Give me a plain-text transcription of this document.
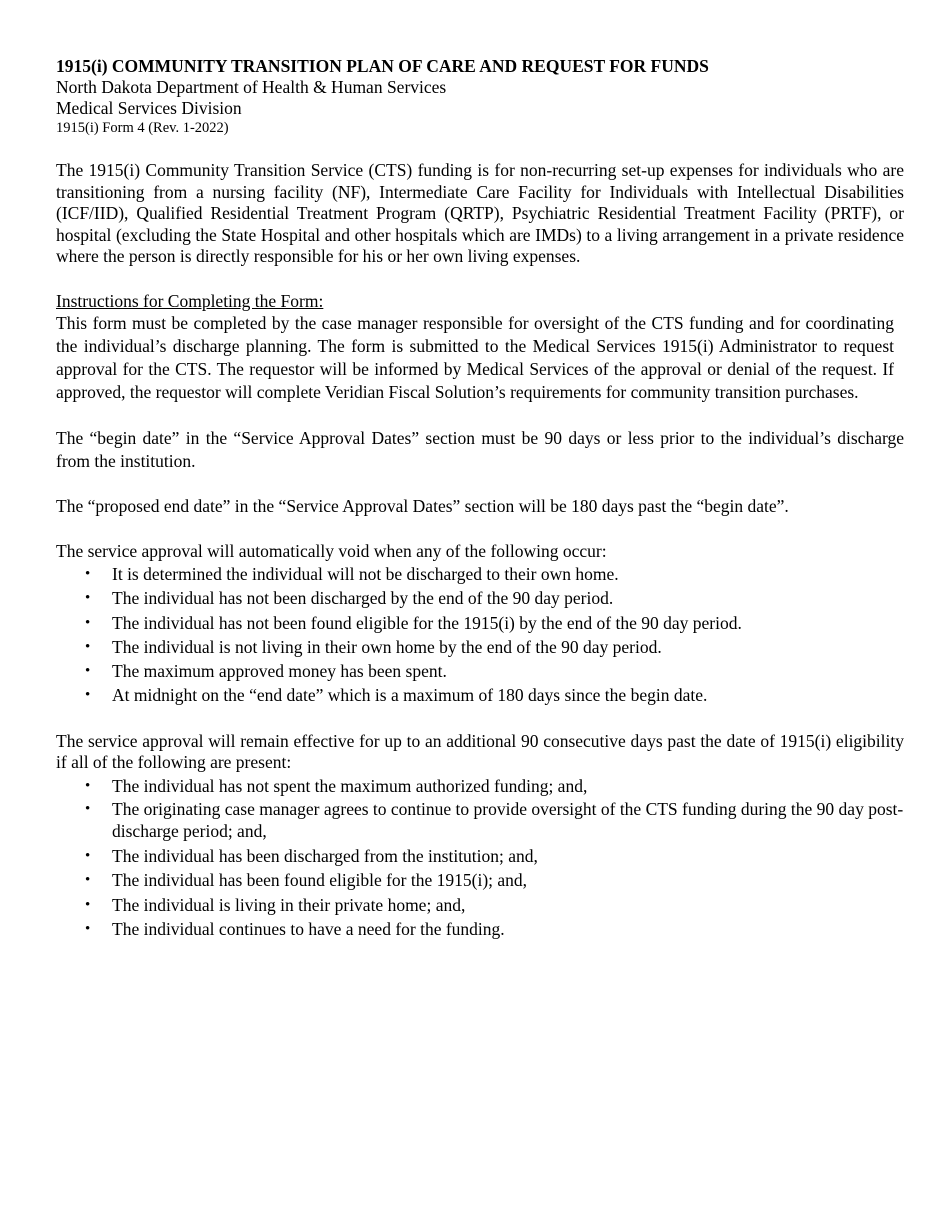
1915(i) COMMUNITY TRANSITION PLAN OF CARE AND REQUEST FOR FUNDS
North Dakota Department of Health & Human Services
Medical Services Division
1915(i) Form 4 (Rev. 1-2022)

The 1915(i) Community Transition Service (CTS) funding is for non-recurring set-up expenses for individuals who are transitioning from a nursing facility (NF), Intermediate Care Facility for Individuals with Intellectual Disabilities (ICF/IID), Qualified Residential Treatment Program (QRTP), Psychiatric Residential Treatment Facility (PRTF), or hospital (excluding the State Hospital and other hospitals which are IMDs) to a living arrangement in a private residence where the person is directly responsible for his or her own living expenses.

Instructions for Completing the Form:

This form must be completed by the case manager responsible for oversight of the CTS funding and for coordinating the individual’s discharge planning. The form is submitted to the Medical Services 1915(i) Administrator to request approval for the CTS. The requestor will be informed by Medical Services of the approval or denial of the request. If approved, the requestor will complete Veridian Fiscal Solution’s requirements for community transition purchases.

The “begin date” in the “Service Approval Dates” section must be 90 days or less prior to the individual’s discharge from the institution.

The “proposed end date” in the “Service Approval Dates” section will be 180 days past the “begin date”.

The service approval will automatically void when any of the following occur:

• It is determined the individual will not be discharged to their own home.
• The individual has not been discharged by the end of the 90 day period.
• The individual has not been found eligible for the 1915(i) by the end of the 90 day period.
• The individual is not living in their own home by the end of the 90 day period.
• The maximum approved money has been spent.
• At midnight on the “end date” which is a maximum of 180 days since the begin date.

The service approval will remain effective for up to an additional 90 consecutive days past the date of 1915(i) eligibility if all of the following are present:

• The individual has not spent the maximum authorized funding; and,
• The originating case manager agrees to continue to provide oversight of the CTS funding during the 90 day post-discharge period; and,
• The individual has been discharged from the institution; and,
• The individual has been found eligible for the 1915(i); and,
• The individual is living in their private home; and,
• The individual continues to have a need for the funding.
